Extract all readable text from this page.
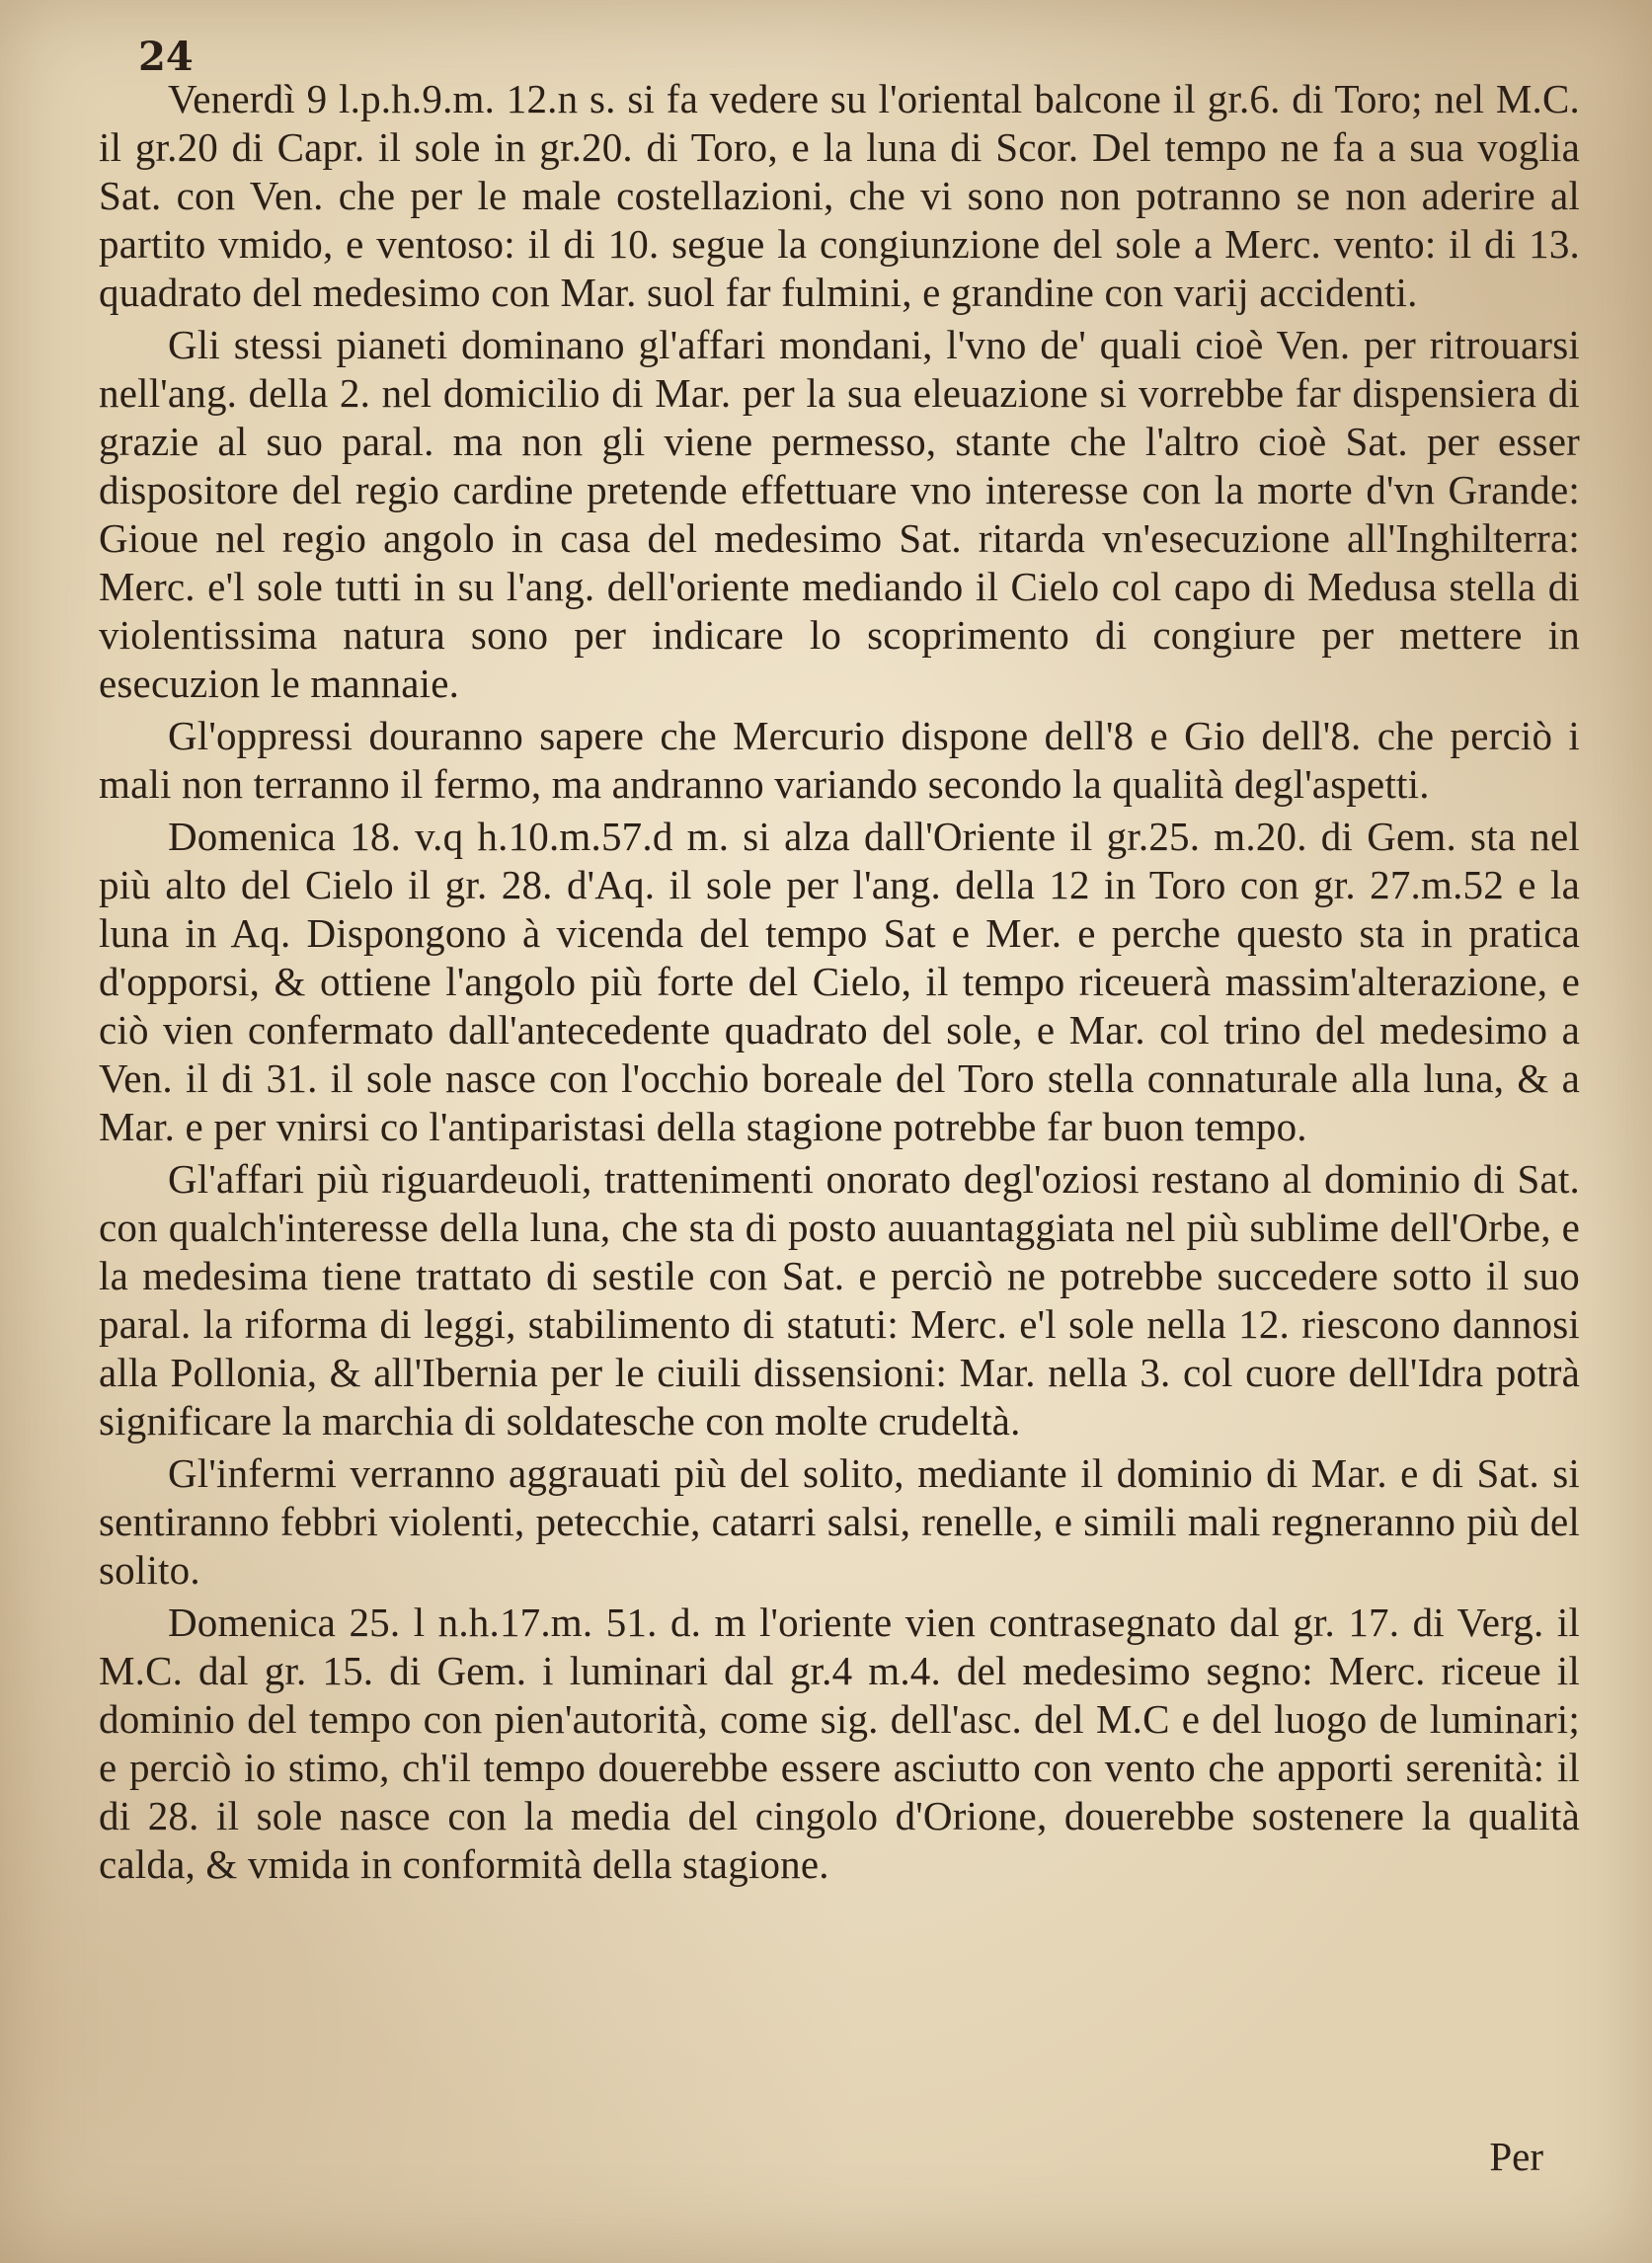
24

Venerdì 9 l.p.h.9.m. 12.n s. si fa vedere su l'oriental balcone il gr.6. di Toro; nel M.C. il gr.20 di Capr. il sole in gr.20. di Toro, e la luna di Scor. Del tempo ne fa a sua voglia Sat. con Ven. che per le male costellazioni, che vi sono non potranno se non aderire al partito vmido, e ventoso: il di 10. segue la congiunzione del sole a Merc. vento: il di 13. quadrato del medesimo con Mar. suol far fulmini, e grandine con varij accidenti.

Gli stessi pianeti dominano gl'affari mondani, l'vno de' quali cioè Ven. per ritrouarsi nell'ang. della 2. nel domicilio di Mar. per la sua eleuazione si vorrebbe far dispensiera di grazie al suo paral. ma non gli viene permesso, stante che l'altro cioè Sat. per esser dispositore del regio cardine pretende effettuare vno interesse con la morte d'vn Grande: Gioue nel regio angolo in casa del medesimo Sat. ritarda vn'esecuzione all'Inghilterra: Merc. e'l sole tutti in su l'ang. dell'oriente mediando il Cielo col capo di Medusa stella di violentissima natura sono per indicare lo scoprimento di congiure per mettere in esecuzion le mannaie.

Gl'oppressi douranno sapere che Mercurio dispone dell'8 e Gio dell'8. che perciò i mali non terranno il fermo, ma andranno variando secondo la qualità degl'aspetti.

Domenica 18. v.q h.10.m.57.d m. si alza dall'Oriente il gr.25. m.20. di Gem. sta nel più alto del Cielo il gr. 28. d'Aq. il sole per l'ang. della 12 in Toro con gr. 27.m.52 e la luna in Aq. Dispongono à vicenda del tempo Sat e Mer. e perche questo sta in pratica d'opporsi, & ottiene l'angolo più forte del Cielo, il tempo riceuerà massim'alterazione, e ciò vien confermato dall'antecedente quadrato del sole, e Mar. col trino del medesimo a Ven. il di 31. il sole nasce con l'occhio boreale del Toro stella connaturale alla luna, & a Mar. e per vnirsi co l'antiparistasi della stagione potrebbe far buon tempo.

Gl'affari più riguardeuoli, trattenimenti onorato degl'oziosi restano al dominio di Sat. con qualch'interesse della luna, che sta di posto auuantaggiata nel più sublime dell'Orbe, e la medesima tiene trattato di sestile con Sat. e perciò ne potrebbe succedere sotto il suo paral. la riforma di leggi, stabilimento di statuti: Merc. e'l sole nella 12. riescono dannosi alla Pollonia, & all'Ibernia per le ciuili dissensioni: Mar. nella 3. col cuore dell'Idra potrà significare la marchia di soldatesche con molte crudeltà.

Gl'infermi verranno aggrauati più del solito, mediante il dominio di Mar. e di Sat. si sentiranno febbri violenti, petecchie, catarri salsi, renelle, e simili mali regneranno più del solito.

Domenica 25. l n.h.17.m. 51. d. m l'oriente vien contrasegnato dal gr. 17. di Verg. il M.C. dal gr. 15. di Gem. i luminari dal gr.4 m.4. del medesimo segno: Merc. riceue il dominio del tempo con pien'autorità, come sig. dell'asc. del M.C e del luogo de luminari; e perciò io stimo, ch'il tempo douerebbe essere asciutto con vento che apporti serenità: il di 28. il sole nasce con la media del cingolo d'Orione, douerebbe sostenere la qualità calda, & vmida in conformità della stagione.

Per
